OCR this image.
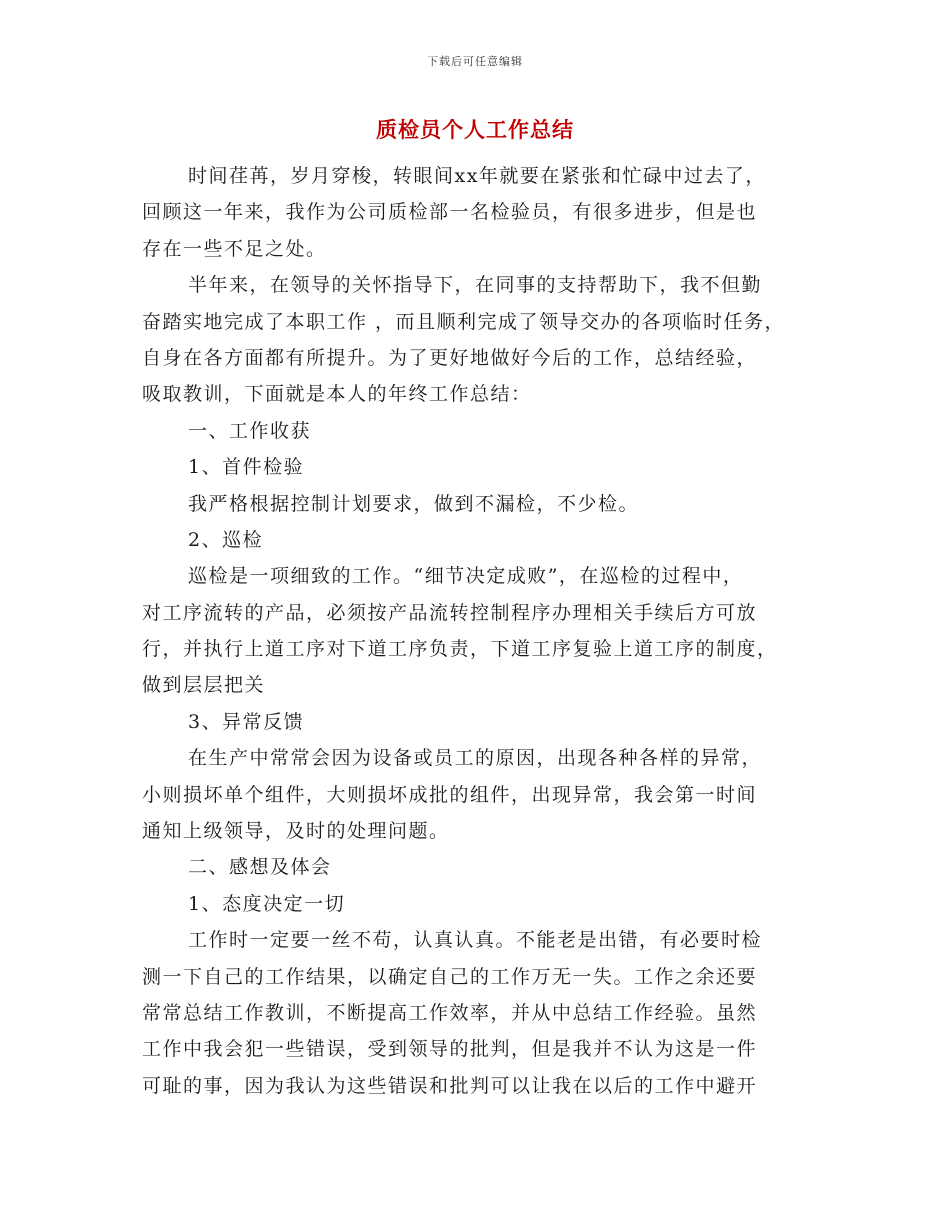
下载后可任意编辑
质检员个人工作总结
时间荏苒，岁月穿梭，转眼间xx年就要在紧张和忙碌中过去了，
回顾这一年来，我作为公司质检部一名检验员，有很多进步，但是也
存在一些不足之处。
半年来，在领导的关怀指导下，在同事的支持帮助下，我不但勤
奋踏实地完成了本职工作 ，而且顺利完成了领导交办的各项临时任务，
自身在各方面都有所提升。为了更好地做好今后的工作，总结经验，
吸取教训，下面就是本人的年终工作总结：
一、工作收获
1、首件检验
我严格根据控制计划要求，做到不漏检，不少检。
2、巡检
巡检是一项细致的工作。“细节决定成败”，在巡检的过程中，
对工序流转的产品，必须按产品流转控制程序办理相关手续后方可放
行，并执行上道工序对下道工序负责，下道工序复验上道工序的制度，
做到层层把关
3、异常反馈
在生产中常常会因为设备或员工的原因，出现各种各样的异常，
小则损坏单个组件，大则损坏成批的组件，出现异常，我会第一时间
通知上级领导，及时的处理问题。
二、感想及体会
1、态度决定一切
工作时一定要一丝不苟，认真认真。不能老是出错，有必要时检
测一下自己的工作结果，以确定自己的工作万无一失。工作之余还要
常常总结工作教训，不断提高工作效率，并从中总结工作经验。虽然
工作中我会犯一些错误，受到领导的批判，但是我并不认为这是一件
可耻的事，因为我认为这些错误和批判可以让我在以后的工作中避开
